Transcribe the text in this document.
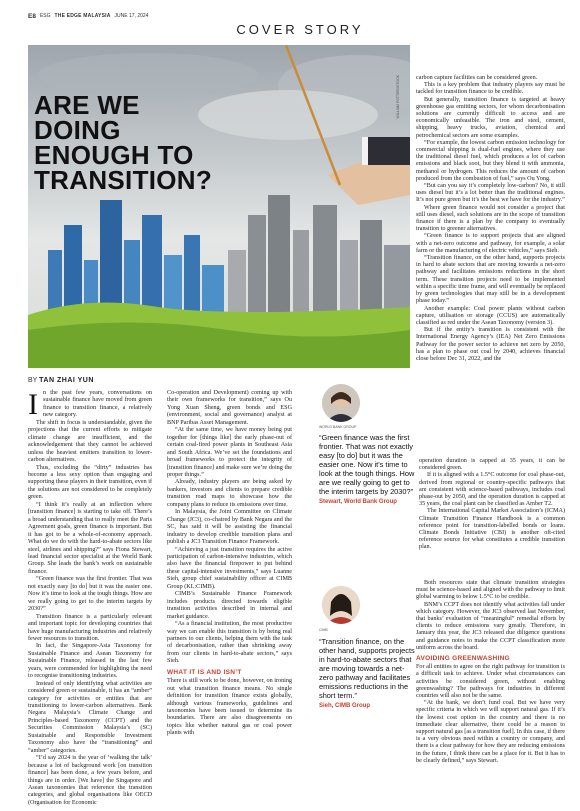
E8 ESG THE EDGE MALAYSIA JUNE 17, 2024
COVER STORY
ARE WE DOING ENOUGH TO TRANSITION?
WILLIAM POTTER/ISTOCK
BY TAN ZHAI YUN
I n the past few years, conversations on sustainable finance have moved from green finance to transition finance, a relatively new category.

The shift in focus is understandable, given the projections that the current efforts to mitigate climate change are insufficient, and the acknowledgement that they cannot be achieved unless the heaviest emitters transition to lower-carbon alternatives.

Thus, excluding the “dirty” industries has become a less sexy option than engaging and supporting these players in their transition, even if the solutions are not considered to be completely green.

“I think it’s really at an inflection where [transition finance] is starting to take off. There’s a broad understanding that to really meet the Paris Agreement goals, green finance is important. But it has got to be a whole-of-economy approach. What do we do with the hard-to-abate sectors like steel, airlines and shipping?” says Fiona Stewart, lead financial sector specialist at the World Bank Group. She leads the bank’s work on sustainable finance.

“Green finance was the first frontier. That was not exactly easy [to do] but it was the easier one. Now it’s time to look at the tough things. How are we really going to get to the interim targets by 2030?”

Transition finance is a particularly relevant and important topic for developing countries that have huge manufacturing industries and relatively fewer resources to transition.

In fact, the Singapore-Asia Taxonomy for Sustainable Finance and Asean Taxonomy for Sustainable Finance, released in the last few years, were commended for highlighting the need to recognise transitioning industries.

Instead of only identifying what activities are considered green or sustainable, it has an “amber” category for activities or entities that are transitioning to lower-carbon alternatives. Bank Negara Malaysia’s Climate Change and Principles-based Taxonomy (CCPT) and the Securities Commission Malaysia’s (SC) Sustainable and Responsible Investment Taxonomy also have the “transitioning” and “amber” categories.

“I’d say 2024 is the year of ‘walking the talk’ because a lot of background work [on transition finance] has been done, a few years before, and things are in order. [We have] the Singapore and Asean taxonomies that reference the transition categories, and global organisations like OECD (Organisation for Economic

Co-operation and Development) coming up with their own frameworks for transition,” says Ou Yong Xuan Sheng, green bonds and ESG (environment, social and governance) analyst at BNP Paribas Asset Management.

“At the same time, we have money being put together for [things like] the early phase-out of certain coal-fired power plants in Southeast Asia and South Africa. We’ve set the foundations and broad frameworks to protect the integrity of [transition finance] and make sure we’re doing the proper things.”

Already, industry players are being asked by bankers, investors and clients to prepare credible transition road maps to showcase how the company plans to reduce its emissions over time.

In Malaysia, the Joint Committee on Climate Change (JC3), co-chaired by Bank Negara and the SC, has said it will be assisting the financial industry to develop credible transition plans and publish a JC3 Transition Finance Framework.

“Achieving a just transition requires the active participation of carbon-intensive industries, which also have the financial firepower to put behind these capital-intensive investments,” says Luanne Sieh, group chief sustainability officer at CIMB Group (KL:CIMB).

CIMB’s Sustainable Finance Framework includes products directed towards eligible transition activities described in internal and market guidance.

“As a financial institution, the most productive way we can enable this transition is by being real partners to our clients, helping them with the task of decarbonisation, rather than shrinking away from our clients in hard-to-abate sectors,” says Sieh.

WHAT IT IS AND ISN’T

There is still work to be done, however, on ironing out what transition finance means. No single definition for transition finance exists globally, although various frameworks, guidelines and taxonomies have been issued to determine its boundaries. There are also disagreements on topics like whether natural gas or coal power plants with

WORLD BANK GROUP
“Green finance was the first frontier. That was not exactly easy [to do] but it was the easier one. Now it’s time to look at the tough things. How are we really going to get to the interim targets by 2030?”
Stewart, World Bank Group
CIMB
“Transition finance, on the other hand, supports projects in hard-to-abate sectors that are moving towards a net-zero pathway and facilitates emissions reductions in the short term.”
Sieh, CIMB Group

carbon capture facilities can be considered green.

This is a key problem that industry players say must be tackled for transition finance to be credible.

But generally, transition finance is targeted at heavy greenhouse gas emitting sectors, for whom decarbonisation solutions are currently difficult to access and are economically unfeasible. The iron and steel, cement, shipping, heavy trucks, aviation, chemical and petrochemical sectors are some examples.

“For example, the lowest carbon emission technology for commercial shipping is dual-fuel engines, where they use the traditional diesel fuel, which produces a lot of carbon emissions and black soot, but they blend it with ammonia, methanol or hydrogen. This reduces the amount of carbon produced from the combustion of fuel,” says Ou Yong.

“But can you say it’s completely low-carbon? No, it still uses diesel but it’s a lot better than the traditional engines. It’s not pure green but it’s the best we have for the industry.”

Where green finance would not consider a project that still uses diesel, such solutions are in the scope of transition finance if there is a plan by the company to eventually transition to greener alternatives.

“Green finance is to support projects that are aligned with a net-zero outcome and pathway, for example, a solar farm or the manufacturing of electric vehicles,” says Sieh.

“Transition finance, on the other hand, supports projects in hard to abate sectors that are moving towards a net-zero pathway and facilitates emissions reductions in the short term. These transition projects need to be implemented within a specific time frame, and will eventually be replaced by green technologies that may still be in a development phase today.”

Another example: Coal power plants without carbon capture, utilisation or storage (CCUS) are automatically classified as red under the Asean Taxonomy (version 3).

But if the entity’s transition is consistent with the International Energy Agency’s (IEA) Net Zero Emissions Pathway for the power sector to achieve net zero by 2050, has a plan to phase out coal by 2040, achieves financial close before Dec 31, 2022, and the

operation duration is capped at 35 years, it can be considered green.

If it is aligned with a 1.5°C outcome for coal phase-out, derived from regional or country-specific pathways that are consistent with science-based pathways, includes coal phase-out by 2050, and the operation duration is capped at 35 years, the coal plant can be classified as Amber T2.

The International Capital Market Association’s (ICMA) Climate Transition Finance Handbook is a common reference point for transition-labelled bonds or loans. Climate Bonds Initiative (CBI) is another oft-cited reference source for what constitutes a credible transition plan.

Both resources state that climate transition strategies must be science-based and aligned with the pathway to limit global warming to below 1.5°C to be credible.

BNM’s CCPT does not identify what activities fall under which category. However, the JC3 observed last November, that banks’ evaluation of “meaningful” remedial efforts by clients to reduce emissions vary greatly. Therefore, in January this year, the JC3 released due diligence questions and guidance notes to make the CCPT classification more uniform across the board.

AVOIDING GREENWASHING

For all entities to agree on the right pathway for transition is a difficult task to achieve. Under what circumstances can activities be considered green, without enabling greenwashing? The pathways for industries in different countries will also not be the same.

“At the bank, we don’t fund coal. But we have very specific criteria in which we will support natural gas. If it’s the lowest cost option in the country and there is no immediate clear alternative, there could be a reason to support natural gas [as a transition fuel]. In this case, if there is a very obvious need within a country or company, and there is a clear pathway for how they are reducing emissions in the future, I think there can be a place for it. But it has to be clearly defined,” says Stewart.
